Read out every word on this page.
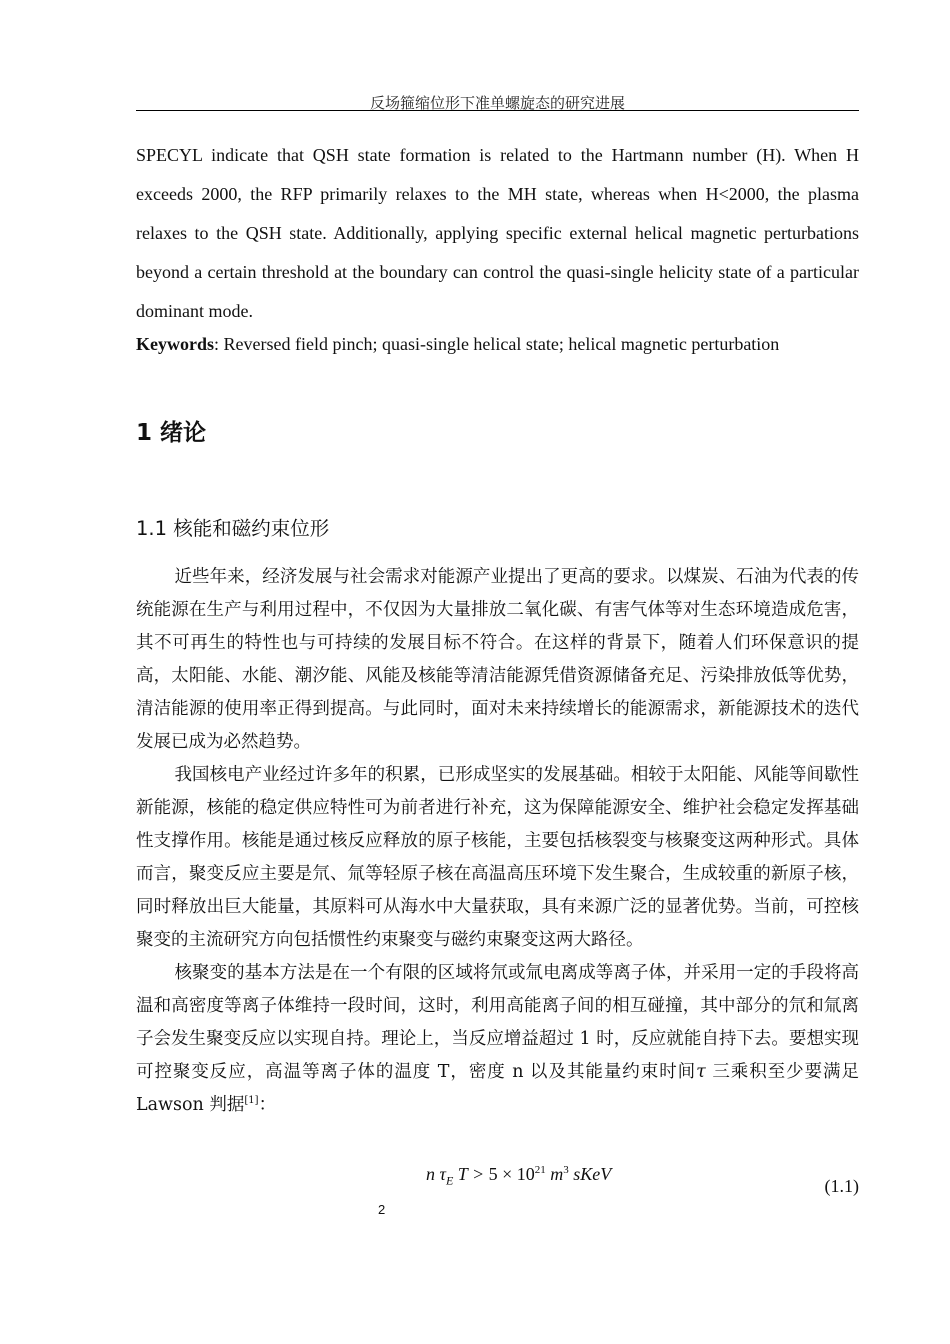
反场箍缩位形下准单螺旋态的研究进展

SPECYL indicate that QSH state formation is related to the Hartmann number (H). When H exceeds 2000, the RFP primarily relaxes to the MH state, whereas when H<2000, the plasma relaxes to the QSH state. Additionally, applying specific external helical magnetic perturbations beyond a certain threshold at the boundary can control the quasi-single helicity state of a particular dominant mode.

Keywords: Reversed field pinch; quasi-single helical state; helical magnetic perturbation
1 绪论
1.1 核能和磁约束位形

近些年来，经济发展与社会需求对能源产业提出了更高的要求。以煤炭、石油为代表的传统能源在生产与利用过程中，不仅因为大量排放二氧化碳、有害气体等对生态环境造成危害，其不可再生的特性也与可持续的发展目标不符合。在这样的背景下，随着人们环保意识的提高，太阳能、水能、潮汐能、风能及核能等清洁能源凭借资源储备充足、污染排放低等优势，清洁能源的使用率正得到提高。与此同时，面对未来持续增长的能源需求，新能源技术的迭代发展已成为必然趋势。

我国核电产业经过许多年的积累，已形成坚实的发展基础。相较于太阳能、风能等间歇性新能源，核能的稳定供应特性可为前者进行补充，这为保障能源安全、维护社会稳定发挥基础性支撑作用。核能是通过核反应释放的原子核能，主要包括核裂变与核聚变这两种形式。具体而言，聚变反应主要是氘、氚等轻原子核在高温高压环境下发生聚合，生成较重的新原子核，同时释放出巨大能量，其原料可从海水中大量获取，具有来源广泛的显著优势。当前，可控核聚变的主流研究方向包括惯性约束聚变与磁约束聚变这两大路径。

核聚变的基本方法是在一个有限的区域将氘或氚电离成等离子体，并采用一定的手段将高温和高密度等离子体维持一段时间，这时，利用高能离子间的相互碰撞，其中部分的氘和氚离子会发生聚变反应以实现自持。理论上，当反应增益超过 1 时，反应就能自持下去。要想实现可控聚变反应，高温等离子体的温度 T，密度 n 以及其能量约束时间τ 三乘积至少要满足 Lawson 判据[1]：

n $\tau_E$ $T > 5 \times 10^{21}$ $m^3$ sKeV
(1.1)
2
